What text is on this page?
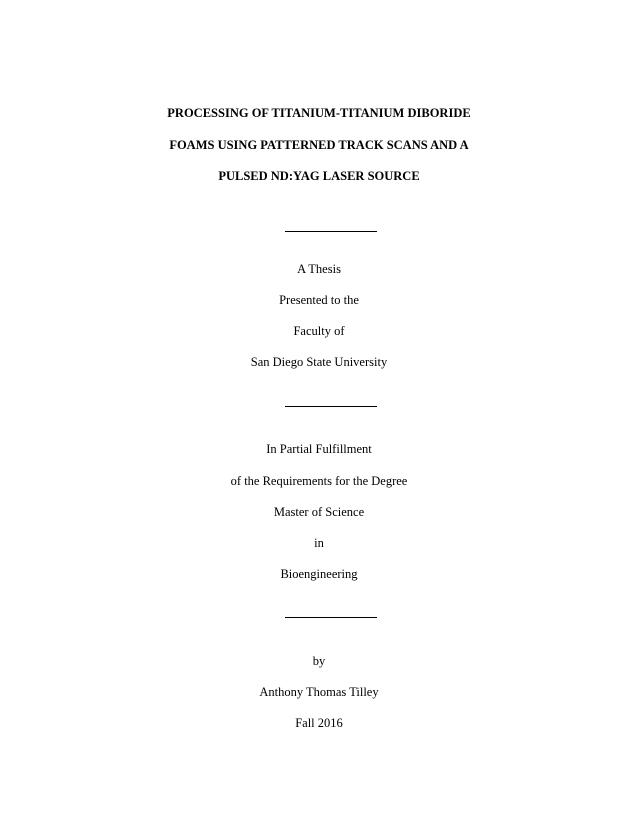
PROCESSING OF TITANIUM-TITANIUM DIBORIDE
FOAMS USING PATTERNED TRACK SCANS AND A
PULSED ND:YAG LASER SOURCE
A Thesis
Presented to the
Faculty of
San Diego State University
In Partial Fulfillment
of the Requirements for the Degree
Master of Science
in
Bioengineering
by
Anthony Thomas Tilley
Fall 2016
